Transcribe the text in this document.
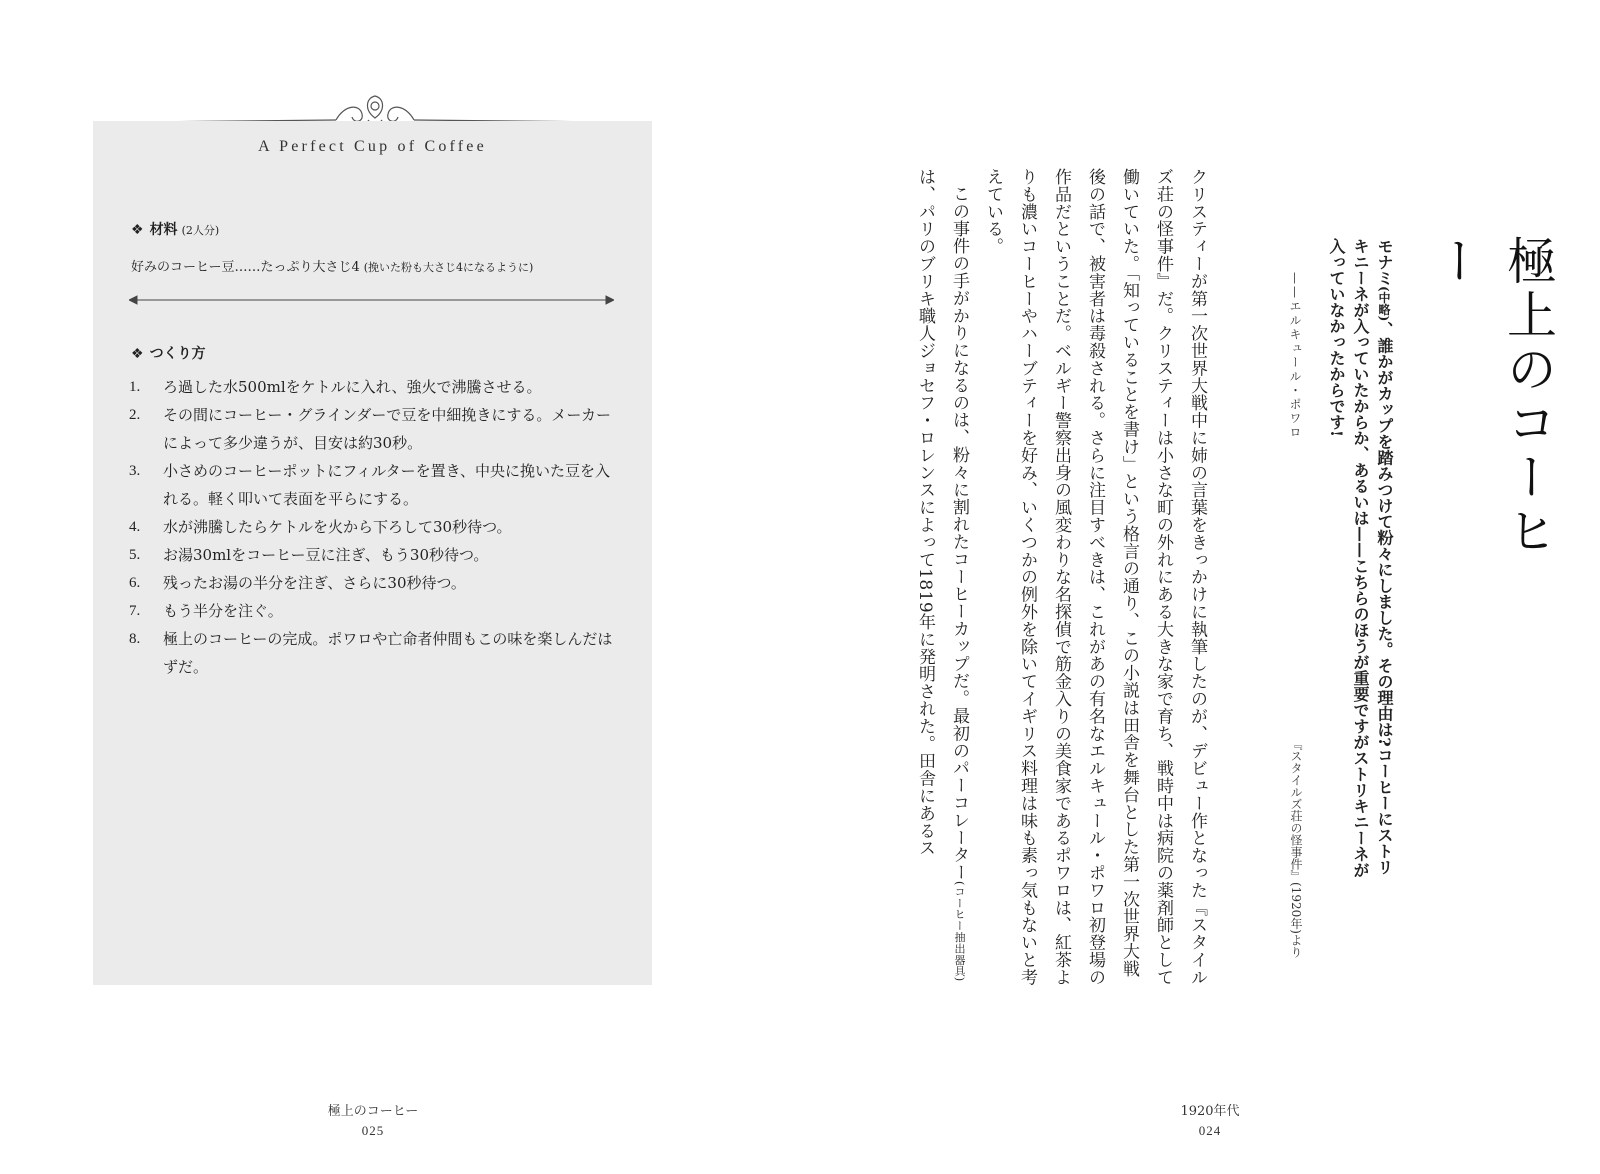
A Perfect Cup of Coffee
❖ 材料 (2人分)
好みのコーヒー豆……たっぷり大さじ4 (挽いた粉も大さじ4になるように)
❖ つくり方
1.	ろ過した水500mlをケトルに入れ、強火で沸騰させる。
2.	その間にコーヒー・グラインダーで豆を中細挽きにする。メーカーによって多少違うが、目安は約30秒。
3.	小さめのコーヒーポットにフィルターを置き、中央に挽いた豆を入れる。軽く叩いて表面を平らにする。
4.	水が沸騰したらケトルを火から下ろして30秒待つ。
5.	お湯30mlをコーヒー豆に注ぎ、もう30秒待つ。
6.	残ったお湯の半分を注ぎ、さらに30秒待つ。
7.	もう半分を注ぐ。
8.	極上のコーヒーの完成。ポワロや亡命者仲間もこの味を楽しんだはずだ。
極上のコーヒー
025
極上のコーヒー
モナミ(中略)、誰かがカップを踏みつけて粉々にしました。その理由は?コーヒーにストリキニーネが入っていたからか、あるいは——こちらのほうが重要ですがストリキニーネが入っていなかったからです!
——エルキュール・ポワロ
『スタイルズ荘の怪事件』(1920年)より
クリスティーが第一次世界大戦中に姉の言葉をきっかけに執筆したのが、デビュー作となった『スタイルズ荘の怪事件』だ。クリスティーは小さな町の外れにある大きな家で育ち、戦時中は病院の薬剤師として働いていた。「知っていることを書け」という格言の通り、この小説は田舎を舞台とした第一次世界大戦後の話で、被害者は毒殺される。さらに注目すべきは、これがあの有名なエルキュール・ポワロ初登場の作品だということだ。ベルギー警察出身の風変わりな名探偵で筋金入りの美食家であるポワロは、紅茶よりも濃いコーヒーやハーブティーを好み、いくつかの例外を除いてイギリス料理は味も素っ気もないと考えている。
この事件の手がかりになるのは、粉々に割れたコーヒーカップだ。最初のパーコレーター(コーヒー抽出器具)は、パリのブリキ職人ジョセフ・ロレンスによって1819年に発明された。田舎にあるス
1920年代
024
